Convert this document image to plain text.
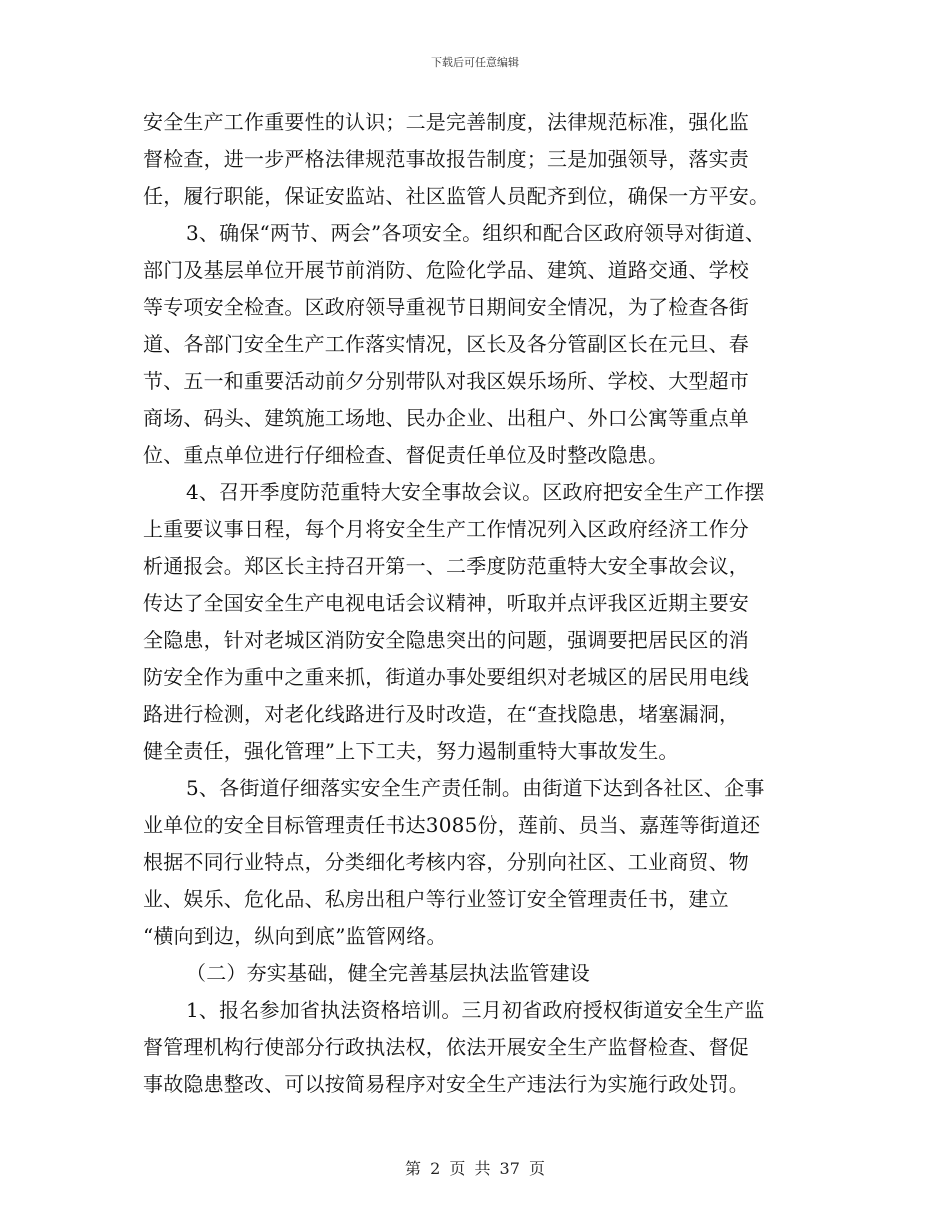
下载后可任意编辑
安全生产工作重要性的认识；二是完善制度，法律规范标准，强化监
督检查，进一步严格法律规范事故报告制度；三是加强领导，落实责
任，履行职能，保证安监站、社区监管人员配齐到位，确保一方平安。
3、确保“两节、两会”各项安全。组织和配合区政府领导对街道、
部门及基层单位开展节前消防、危险化学品、建筑、道路交通、学校
等专项安全检查。区政府领导重视节日期间安全情况，为了检查各街
道、各部门安全生产工作落实情况，区长及各分管副区长在元旦、春
节、五一和重要活动前夕分别带队对我区娱乐场所、学校、大型超市
商场、码头、建筑施工场地、民办企业、出租户、外口公寓等重点单
位、重点单位进行仔细检查、督促责任单位及时整改隐患。
4、召开季度防范重特大安全事故会议。区政府把安全生产工作摆
上重要议事日程，每个月将安全生产工作情况列入区政府经济工作分
析通报会。郑区长主持召开第一、二季度防范重特大安全事故会议，
传达了全国安全生产电视电话会议精神，听取并点评我区近期主要安
全隐患，针对老城区消防安全隐患突出的问题，强调要把居民区的消
防安全作为重中之重来抓，街道办事处要组织对老城区的居民用电线
路进行检测，对老化线路进行及时改造，在“查找隐患，堵塞漏洞，
健全责任，强化管理”上下工夫，努力遏制重特大事故发生。
5、各街道仔细落实安全生产责任制。由街道下达到各社区、企事
业单位的安全目标管理责任书达3085份，莲前、员当、嘉莲等街道还
根据不同行业特点，分类细化考核内容，分别向社区、工业商贸、物
业、娱乐、危化品、私房出租户等行业签订安全管理责任书，建立
“横向到边，纵向到底”监管网络。
（二）夯实基础，健全完善基层执法监管建设
1、报名参加省执法资格培训。三月初省政府授权街道安全生产监
督管理机构行使部分行政执法权，依法开展安全生产监督检查、督促
事故隐患整改、可以按简易程序对安全生产违法行为实施行政处罚。
第 2 页 共 37 页
